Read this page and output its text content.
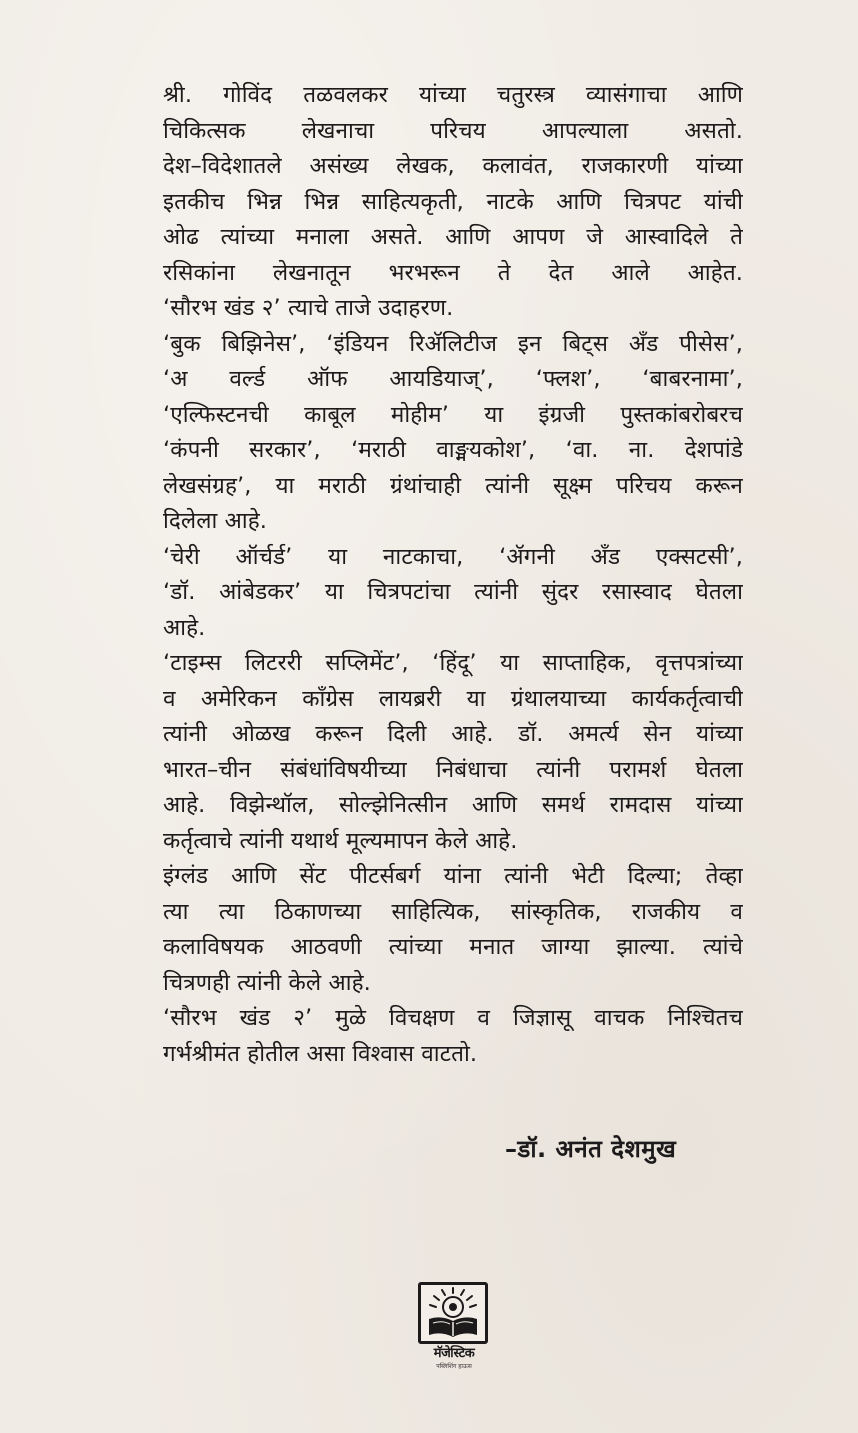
श्री. गोविंद तळवलकर यांच्या चतुरस्त्र व्यासंगाचा आणि
चिकित्सक लेखनाचा परिचय आपल्याला असतो.
देश–विदेशातले असंख्य लेखक, कलावंत, राजकारणी यांच्या
इतकीच भिन्न भिन्न साहित्यकृती, नाटके आणि चित्रपट यांची
ओढ त्यांच्या मनाला असते. आणि आपण जे आस्वादिले ते
रसिकांना लेखनातून भरभरून ते देत आले आहेत.
‘सौरभ खंड २’ त्याचे ताजे उदाहरण.
‘बुक बिझिनेस’, ‘इंडियन रिॲलिटीज इन बिट्स अँड पीसेस’,
‘अ वर्ल्ड ऑफ आयडियाज्’, ‘फ्लश’, ‘बाबरनामा’,
‘एल्फिस्टनची काबूल मोहीम’ या इंग्रजी पुस्तकांबरोबरच
‘कंपनी सरकार’, ‘मराठी वाङ्मयकोश’, ‘वा. ना. देशपांडे
लेखसंग्रह’, या मराठी ग्रंथांचाही त्यांनी सूक्ष्म परिचय करून
दिलेला आहे.
‘चेरी ऑर्चर्ड’ या नाटकाचा, ‘ॲगनी अँड एक्सटसी’,
‘डॉ. आंबेडकर’ या चित्रपटांचा त्यांनी सुंदर रसास्वाद घेतला
आहे.
‘टाइम्स लिटररी सप्लिमेंट’, ‘हिंदू’ या साप्ताहिक, वृत्तपत्रांच्या
व अमेरिकन काँग्रेस लायब्ररी या ग्रंथालयाच्या कार्यकर्तृत्वाची
त्यांनी ओळख करून दिली आहे. डॉ. अमर्त्य सेन यांच्या
भारत–चीन संबंधांविषयीच्या निबंधाचा त्यांनी परामर्श घेतला
आहे. विझेन्थॉल, सोल्झेनित्सीन आणि समर्थ रामदास यांच्या
कर्तृत्वाचे त्यांनी यथार्थ मूल्यमापन केले आहे.
इंग्लंड आणि सेंट पीटर्सबर्ग यांना त्यांनी भेटी दिल्या; तेव्हा
त्या त्या ठिकाणच्या साहित्यिक, सांस्कृतिक, राजकीय व
कलाविषयक आठवणी त्यांच्या मनात जाग्या झाल्या. त्यांचे
चित्रणही त्यांनी केले आहे.
‘सौरभ खंड २’ मुळे विचक्षण व जिज्ञासू वाचक निश्चितच
गर्भश्रीमंत होतील असा विश्वास वाटतो.
–डॉ. अनंत देशमुख
मॅजेस्टिक
पब्लिशिंग हाऊस
